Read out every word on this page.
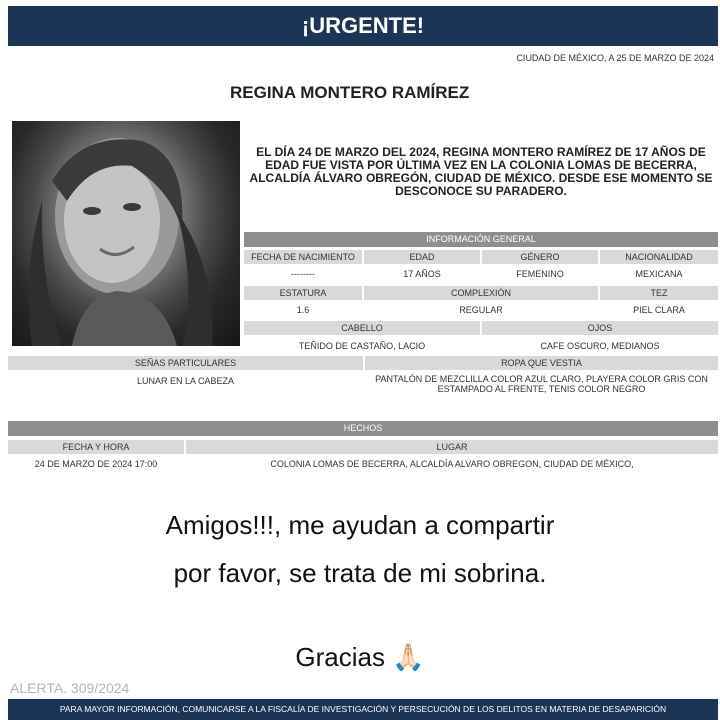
¡URGENTE!
CIUDAD DE MÉXICO, A 25 DE MARZO DE 2024
REGINA MONTERO RAMÍREZ
EL DÍA 24 DE MARZO DEL 2024, REGINA MONTERO RAMÍREZ DE 17 AÑOS DE EDAD FUE VISTA POR ÚLTIMA VEZ EN LA COLONIA LOMAS DE BECERRA, ALCALDÍA ÁLVARO OBREGÓN, CIUDAD DE MÉXICO. DESDE ESE MOMENTO SE DESCONOCE SU PARADERO.
INFORMACIÓN GENERAL
FECHA DE NACIMIENTO	EDAD	GÉNERO	NACIONALIDAD
--------	17 AÑOS	FEMENINO	MEXICANA
ESTATURA	COMPLEXIÓN	TEZ
1.6	REGULAR	PIEL CLARA
CABELLO	OJOS
TEÑIDO DE CASTAÑO, LACIO	CAFE OSCURO, MEDIANOS
SEÑAS PARTICULARES	ROPA QUE VESTIA
LUNAR EN LA CABEZA	PANTALÓN DE MEZCLILLA COLOR AZUL CLARO, PLAYERA COLOR GRIS CON ESTAMPADO AL FRENTE, TENIS COLOR NEGRO
HECHOS
FECHA Y HORA	LUGAR
24 DE MARZO DE 2024 17:00	COLONIA LOMAS DE BECERRA, ALCALDÍA ALVARO OBREGON, CIUDAD DE MÉXICO,
Amigos!!!, me ayudan a compartir
por favor, se trata de mi sobrina.
Gracias 🙏🏻
ALERTA. 309/2024
PARA MAYOR INFORMACIÓN, COMUNICARSE A LA FISCALÍA DE INVESTIGACIÓN Y PERSECUCIÓN DE LOS DELITOS EN MATERIA DE DESAPARICIÓN
